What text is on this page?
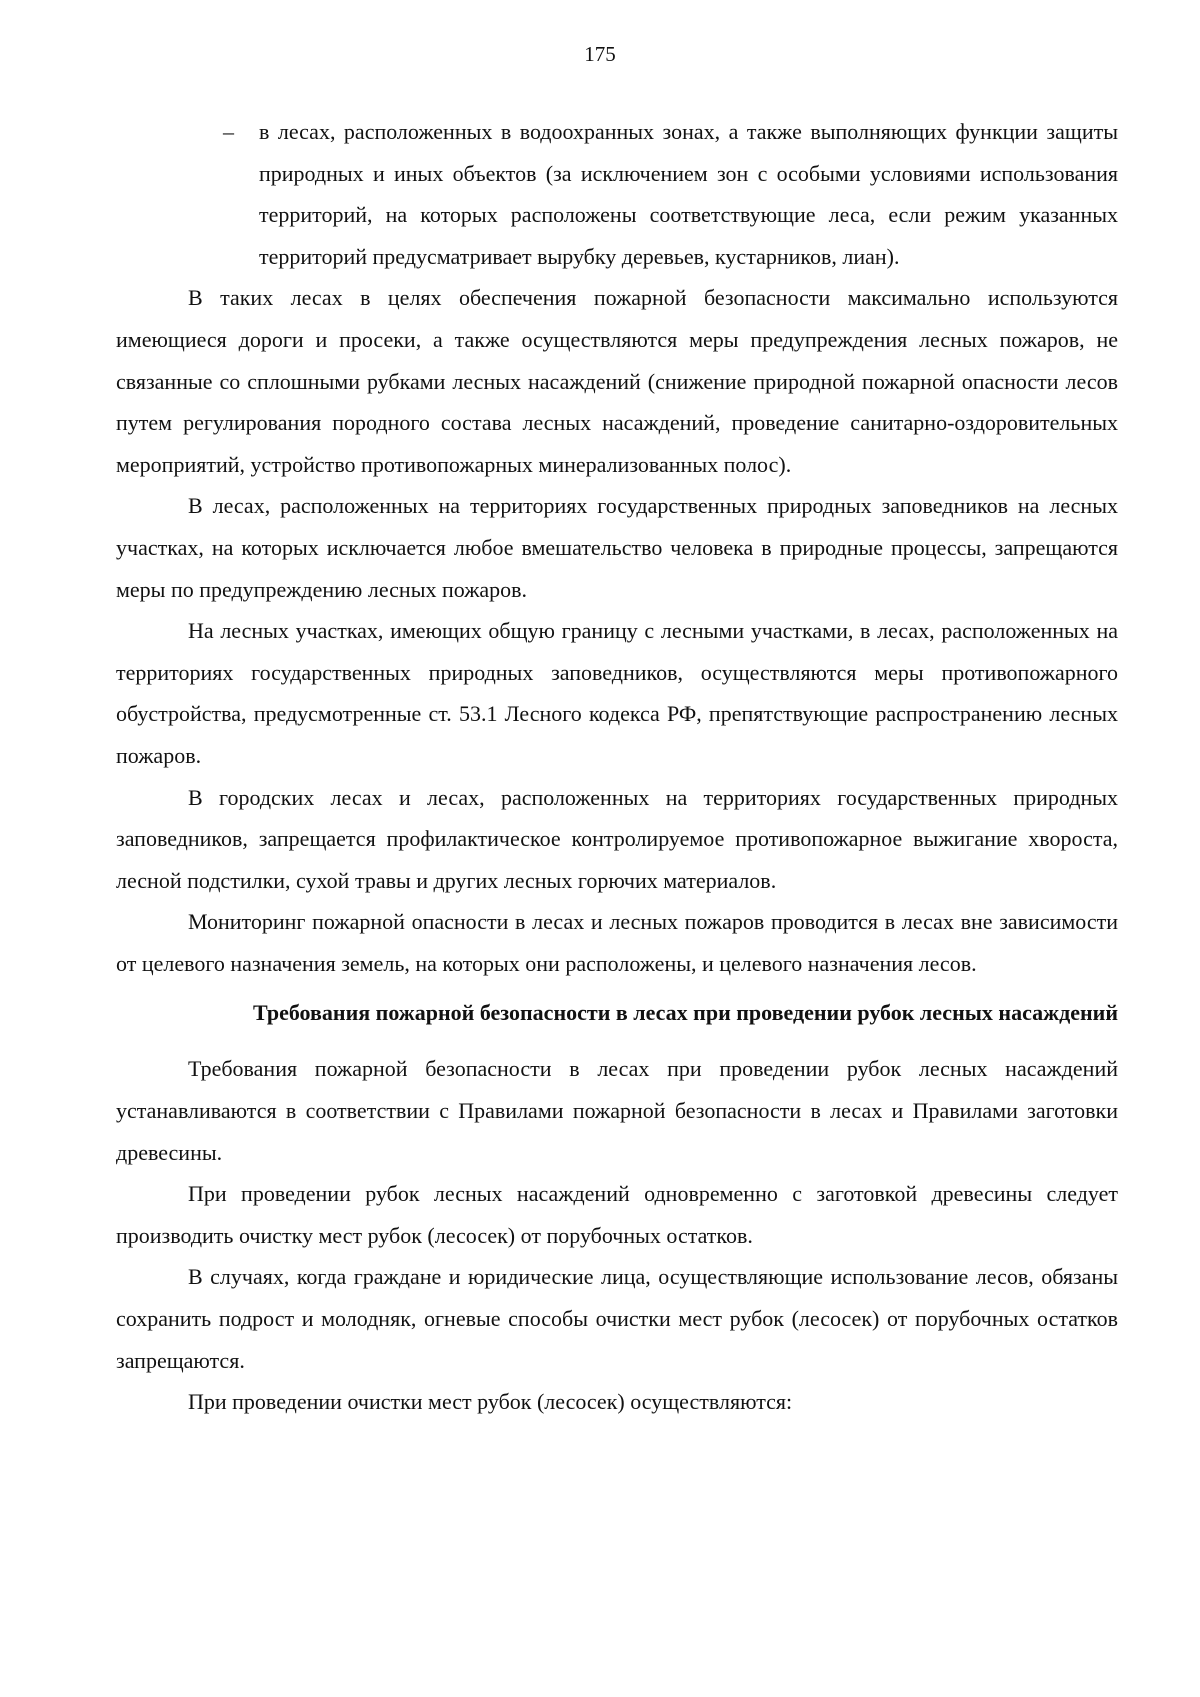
175
– в лесах, расположенных в водоохранных зонах, а также выполняющих функции защиты природных и иных объектов (за исключением зон с особыми условиями использования территорий, на которых расположены соответствующие леса, если режим указанных территорий предусматривает вырубку деревьев, кустарников, лиан).

В таких лесах в целях обеспечения пожарной безопасности максимально используются имеющиеся дороги и просеки, а также осуществляются меры предупреждения лесных пожаров, не связанные со сплошными рубками лесных насаждений (снижение природной пожарной опасности лесов путем регулирования породного состава лесных насаждений, проведение санитарно-оздоровительных мероприятий, устройство противопожарных минерализованных полос).

В лесах, расположенных на территориях государственных природных заповедников на лесных участках, на которых исключается любое вмешательство человека в природные процессы, запрещаются меры по предупреждению лесных пожаров.

На лесных участках, имеющих общую границу с лесными участками, в лесах, расположенных на территориях государственных природных заповедников, осуществляются меры противопожарного обустройства, предусмотренные ст. 53.1 Лесного кодекса РФ, препятствующие распространению лесных пожаров.

В городских лесах и лесах, расположенных на территориях государственных природных заповедников, запрещается профилактическое контролируемое противопожарное выжигание хвороста, лесной подстилки, сухой травы и других лесных горючих материалов.

Мониторинг пожарной опасности в лесах и лесных пожаров проводится в лесах вне зависимости от целевого назначения земель, на которых они расположены, и целевого назначения лесов.

Требования пожарной безопасности в лесах при проведении рубок лесных насаждений

Требования пожарной безопасности в лесах при проведении рубок лесных насаждений устанавливаются в соответствии с Правилами пожарной безопасности в лесах и Правилами заготовки древесины.

При проведении рубок лесных насаждений одновременно с заготовкой древесины следует производить очистку мест рубок (лесосек) от порубочных остатков.

В случаях, когда граждане и юридические лица, осуществляющие использование лесов, обязаны сохранить подрост и молодняк, огневые способы очистки мест рубок (лесосек) от порубочных остатков запрещаются.

При проведении очистки мест рубок (лесосек) осуществляются:
